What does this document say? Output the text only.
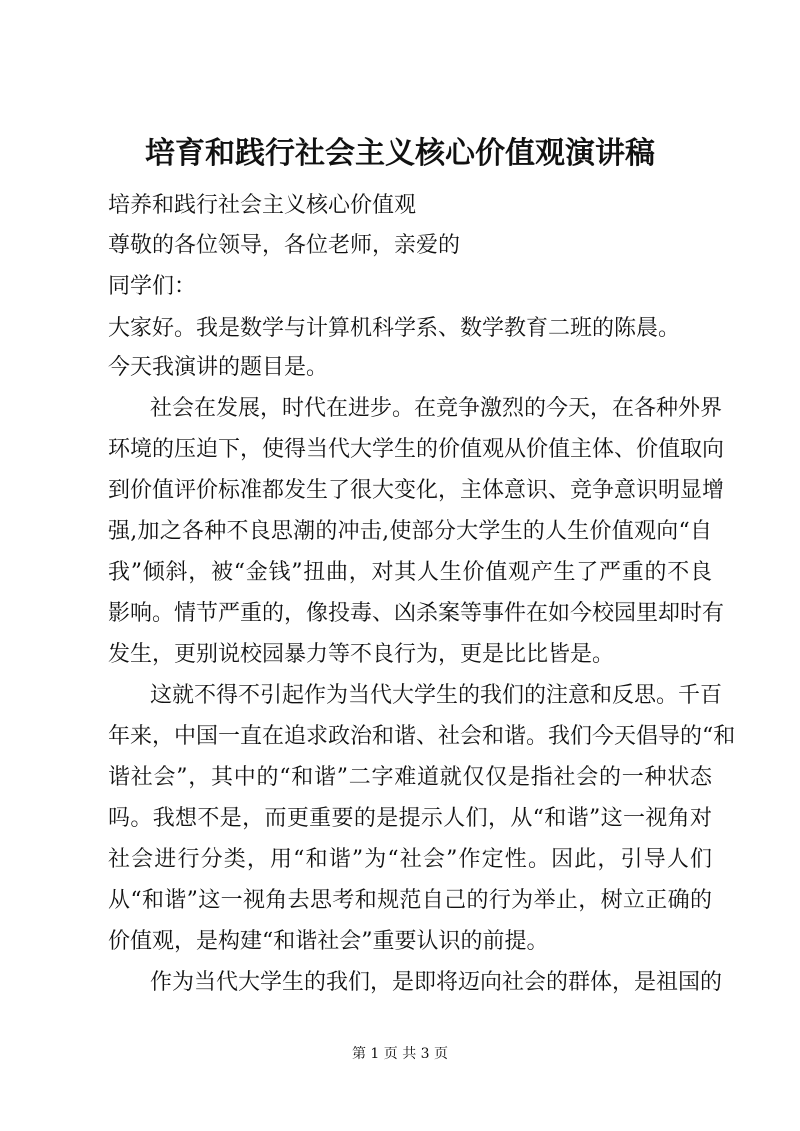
培育和践行社会主义核心价值观演讲稿
培养和践行社会主义核心价值观
尊敬的各位领导，各位老师，亲爱的
同学们：
大家好。我是数学与计算机科学系、数学教育二班的陈晨。
今天我演讲的题目是。
社会在发展，时代在进步。在竞争激烈的今天，在各种外界
环境的压迫下，使得当代大学生的价值观从价值主体、价值取向
到价值评价标准都发生了很大变化，主体意识、竞争意识明显增
强,加之各种不良思潮的冲击,使部分大学生的人生价值观向“自
我”倾斜，被“金钱”扭曲，对其人生价值观产生了严重的不良
影响。情节严重的，像投毒、凶杀案等事件在如今校园里却时有
发生，更别说校园暴力等不良行为，更是比比皆是。
这就不得不引起作为当代大学生的我们的注意和反思。千百
年来，中国一直在追求政治和谐、社会和谐。我们今天倡导的“和
谐社会”，其中的“和谐”二字难道就仅仅是指社会的一种状态
吗。我想不是，而更重要的是提示人们，从“和谐”这一视角对
社会进行分类，用“和谐”为“社会”作定性。因此，引导人们
从“和谐”这一视角去思考和规范自己的行为举止，树立正确的
价值观，是构建“和谐社会”重要认识的前提。
作为当代大学生的我们，是即将迈向社会的群体，是祖国的
第 1 页 共 3 页
